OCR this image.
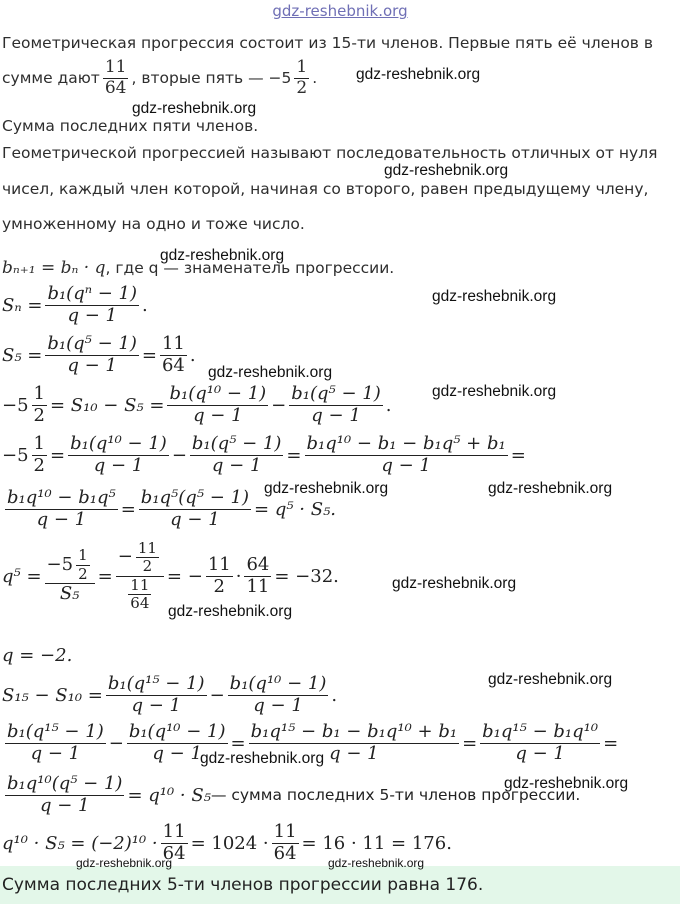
gdz-reshebnik.org
Геометрическая прогрессия состоит из 15-ти членов. Первые пять её членов в
сумме дают $\frac{11}{64}$ , вторые пять — $-5 \frac{1}{2}$ .
Сумма последних пяти членов.
Геометрической прогрессией называют последовательность отличных от нуля
чисел, каждый член которой, начиная со второго, равен предыдущему члену,
умноженному на одно и тоже число.
bₙ₊₁ = bₙ · q, где q — знаменатель прогрессии.
$S_n = \frac{\text{b₁(qⁿ − 1)}}{q - 1}$ .
$S_5 = \frac{\text{b₁(q⁵ − 1)}}{q - 1} = \frac{11}{64}$ .
$-5 \frac{1}{2} = S_{10} - S_5 = \frac{\text{b₁(q¹⁰ − 1)}}{q - 1} - \frac{\text{b₁(q⁵ − 1)}}{q - 1}$ .
$-5 \frac{1}{2} = \frac{\text{b₁(q¹⁰ − 1)}}{q - 1} - \frac{\text{b₁(q⁵ − 1)}}{q - 1} = \frac{\text{b₁q¹⁰ − b₁ − b₁q⁵ + b₁}}{q - 1}$ =
$\frac{\text{b₁q¹⁰ − b₁q⁵}}{q - 1} = \frac{\text{b₁q⁵(q⁵ − 1)}}{q - 1} = q^5 \cdot S_5$.
$q^5 = \frac{-5 \frac{1}{2}}{\text{S₅}} = \frac{- \frac{11}{2}}{\frac{11}{64}}$ = − $\frac{11}{2} \cdot \frac{64}{11} = -32$.
q = −2.
$S_{15} - S_{10} = \frac{\text{b₁(q¹⁵ − 1)}}{q - 1} - \frac{\text{b₁(q¹⁰ − 1)}}{q - 1}$ .
$\frac{\text{b₁(q¹⁵ − 1)}}{q - 1} - \frac{\text{b₁(q¹⁰ − 1)}}{q - 1} = \frac{\text{b₁q¹⁵ − b₁ − b₁q¹⁰ + b₁}}{q - 1} = \frac{\text{b₁q¹⁵ − b₁q¹⁰}}{q - 1}$ =
$\frac{\text{b₁q¹⁰(q⁵ − 1)}}{q - 1} = q^{10} \cdot S_5$ — сумма последних 5-ти членов прогрессии.
$q^{10} \cdot S_5 = (-2)^{10} \cdot \frac{11}{64} = 1024 \cdot \frac{11}{64} = 16 \cdot 11 = 176$.
Сумма последних 5-ти членов прогрессии равна 176.
gdz-reshebnik.org
gdz-reshebnik.org
gdz-reshebnik.org
gdz-reshebnik.org
gdz-reshebnik.org
gdz-reshebnik.org
gdz-reshebnik.org
gdz-reshebnik.org	gdz-reshebnik.org
gdz-reshebnik.org
gdz-reshebnik.org
gdz-reshebnik.org
gdz-reshebnik.org
gdz-reshebnik.org
gdz-reshebnik.org	gdz-reshebnik.org
